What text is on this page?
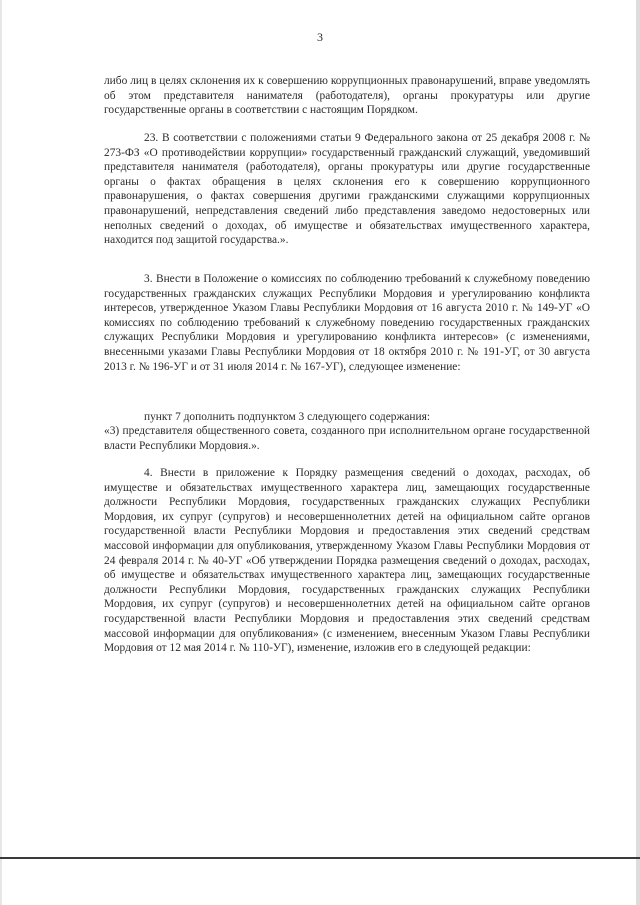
3

либо лиц в целях склонения их к совершению коррупционных правонарушений, вправе уведомлять об этом представителя нанимателя (работодателя), органы прокуратуры или другие государственные органы в соответствии с настоящим Порядком.

23. В соответствии с положениями статьи 9 Федерального закона от 25 декабря 2008 г. № 273-ФЗ «О противодействии коррупции» государственный гражданский служащий, уведомивший представителя нанимателя (работодателя), органы прокуратуры или другие государственные органы о фактах обращения в целях склонения его к совершению коррупционного правонарушения, о фактах совершения другими гражданскими служащими коррупционных правонарушений, непредставления сведений либо представления заведомо недостоверных или неполных сведений о доходах, об имуществе и обязательствах имущественного характера, находится под защитой государства.».

3. Внести в Положение о комиссиях по соблюдению требований к служебному поведению государственных гражданских служащих Республики Мордовия и урегулированию конфликта интересов, утвержденное Указом Главы Республики Мордовия от 16 августа 2010 г. № 149-УГ «О комиссиях по соблюдению требований к служебному поведению государственных гражданских служащих Республики Мордовия и урегулированию конфликта интересов» (с изменениями, внесенными указами Главы Республики Мордовия от 18 октября 2010 г. № 191-УГ, от 30 августа 2013 г. № 196-УГ и от 31 июля 2014 г. № 167-УГ), следующее изменение:

пункт 7 дополнить подпунктом 3 следующего содержания:
«3) представителя общественного совета, созданного при исполнительном органе государственной власти Республики Мордовия.».

4. Внести в приложение к Порядку размещения сведений о доходах, расходах, об имуществе и обязательствах имущественного характера лиц, замещающих государственные должности Республики Мордовия, государственных гражданских служащих Республики Мордовия, их супруг (супругов) и несовершеннолетних детей на официальном сайте органов государственной власти Республики Мордовия и предоставления этих сведений средствам массовой информации для опубликования, утвержденному Указом Главы Республики Мордовия от 24 февраля 2014 г. № 40-УГ «Об утверждении Порядка размещения сведений о доходах, расходах, об имуществе и обязательствах имущественного характера лиц, замещающих государственные должности Республики Мордовия, государственных гражданских служащих Республики Мордовия, их супруг (супругов) и несовершеннолетних детей на официальном сайте органов государственной власти Республики Мордовия и предоставления этих сведений средствам массовой информации для опубликования» (с изменением, внесенным Указом Главы Республики Мордовия от 12 мая 2014 г. № 110-УГ), изменение, изложив его в следующей редакции:
